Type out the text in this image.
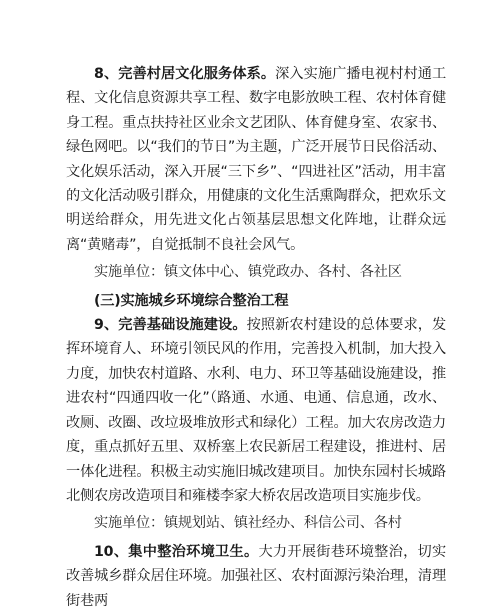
8、完善村居文化服务体系。深入实施广播电视村村通工程、文化信息资源共享工程、数字电影放映工程、农村体育健身工程。重点扶持社区业余文艺团队、体育健身室、农家书、绿色网吧。以“我们的节日”为主题，广泛开展节日民俗活动、文化娱乐活动，深入开展“三下乡”、“四进社区”活动，用丰富的文化活动吸引群众，用健康的文化生活熏陶群众，把欢乐文明送给群众，用先进文化占领基层思想文化阵地，让群众远离“黄赌毒”，自觉抵制不良社会风气。

实施单位：镇文体中心、镇党政办、各村、各社区

(三)实施城乡环境综合整治工程

9、完善基础设施建设。按照新农村建设的总体要求，发挥环境育人、环境引领民风的作用，完善投入机制，加大投入力度，加快农村道路、水利、电力、环卫等基础设施建设，推进农村“四通四收一化”（路通、水通、电通、信息通，改水、改厕、改圈、改垃圾堆放形式和绿化）工程。加大农房改造力度，重点抓好五里、双桥塞上农民新居工程建设，推进村、居一体化进程。积极主动实施旧城改建项目。加快东园村长城路北侧农房改造项目和雍楼李家大桥农居改造项目实施步伐。

实施单位：镇规划站、镇社经办、科信公司、各村

10、集中整治环境卫生。大力开展街巷环境整治，切实改善城乡群众居住环境。加强社区、农村面源污染治理，清理街巷两
